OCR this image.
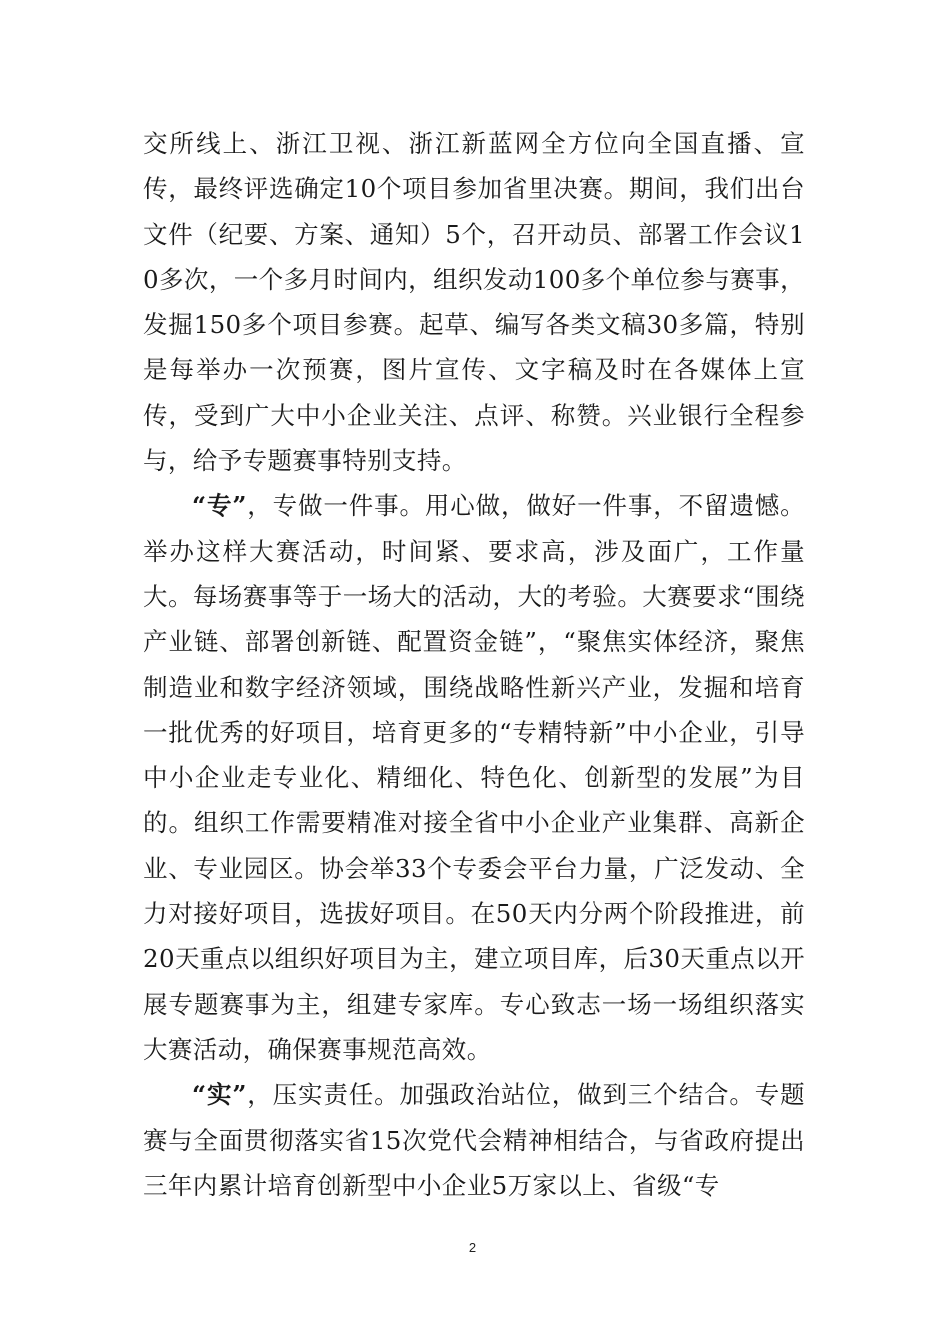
交所线上、浙江卫视、浙江新蓝网全方位向全国直播、宣传，最终评选确定10个项目参加省里决赛。期间，我们出台文件（纪要、方案、通知）5个，召开动员、部署工作会议10多次，一个多月时间内，组织发动100多个单位参与赛事，发掘150多个项目参赛。起草、编写各类文稿30多篇，特别是每举办一次预赛，图片宣传、文字稿及时在各媒体上宣传，受到广大中小企业关注、点评、称赞。兴业银行全程参与，给予专题赛事特别支持。

“专”，专做一件事。用心做，做好一件事，不留遗憾。举办这样大赛活动，时间紧、要求高，涉及面广，工作量大。每场赛事等于一场大的活动，大的考验。大赛要求“围绕产业链、部署创新链、配置资金链”，“聚焦实体经济，聚焦制造业和数字经济领域，围绕战略性新兴产业，发掘和培育一批优秀的好项目，培育更多的“专精特新”中小企业，引导中小企业走专业化、精细化、特色化、创新型的发展”为目的。组织工作需要精准对接全省中小企业产业集群、高新企业、专业园区。协会举33个专委会平台力量，广泛发动、全力对接好项目，选拔好项目。在50天内分两个阶段推进，前20天重点以组织好项目为主，建立项目库，后30天重点以开展专题赛事为主，组建专家库。专心致志一场一场组织落实大赛活动，确保赛事规范高效。

“实”，压实责任。加强政治站位，做到三个结合。专题赛与全面贯彻落实省15次党代会精神相结合，与省政府提出三年内累计培育创新型中小企业5万家以上、省级“专

2
